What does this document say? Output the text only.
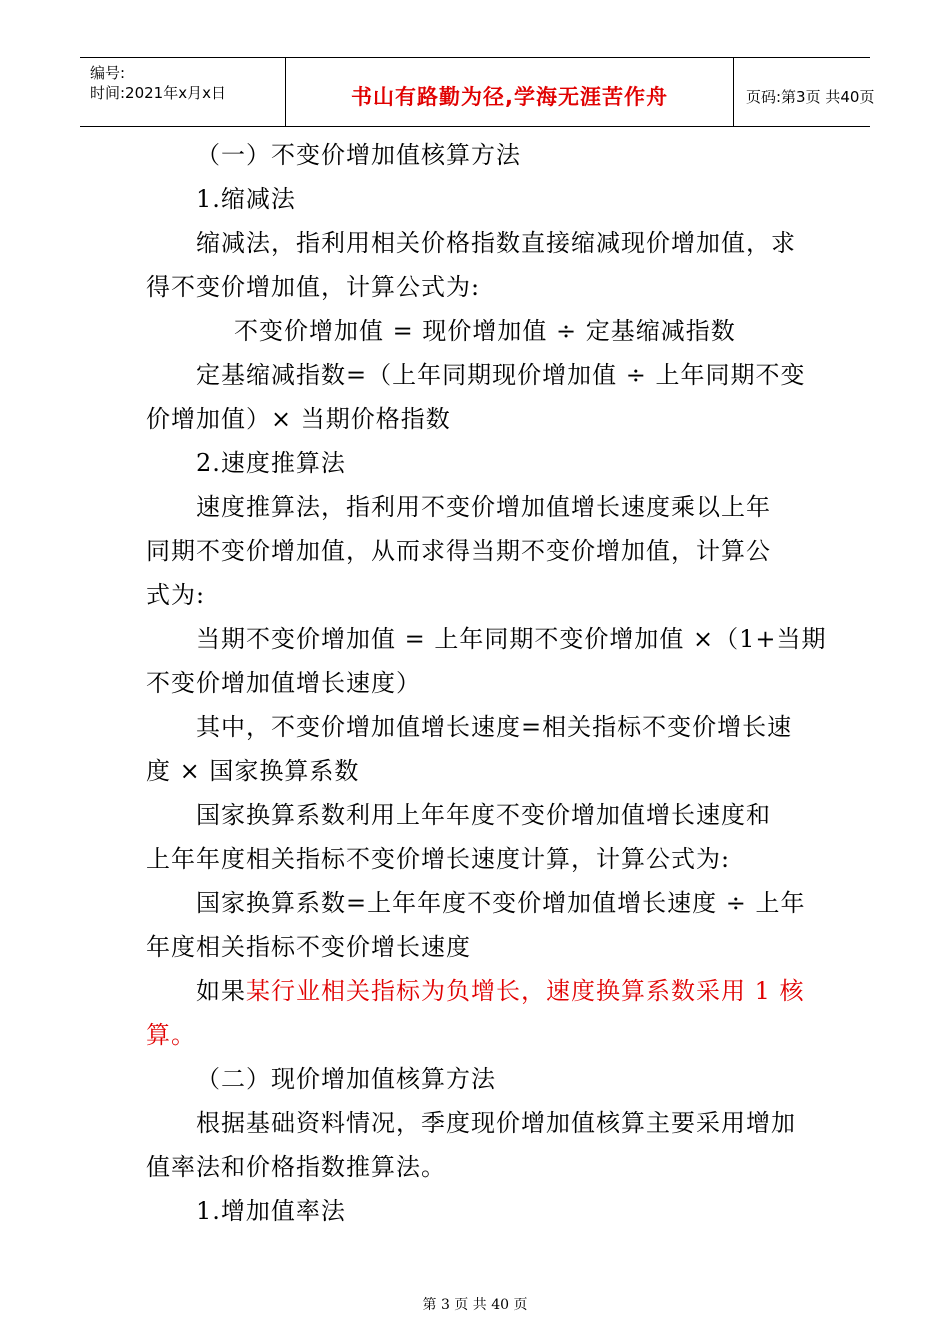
编号:
时间:2021年x月x日	书山有路勤为径,学海无涯苦作舟	页码:第3页 共40页
（一）不变价增加值核算方法
1.缩减法
缩减法，指利用相关价格指数直接缩减现价增加值，求
得不变价增加值，计算公式为:
不变价增加值 = 现价增加值 ÷ 定基缩减指数
定基缩减指数=（上年同期现价增加值 ÷ 上年同期不变
价增加值）× 当期价格指数
2.速度推算法
速度推算法，指利用不变价增加值增长速度乘以上年
同期不变价增加值，从而求得当期不变价增加值，计算公
式为:
当期不变价增加值 = 上年同期不变价增加值 ×（1+当期
不变价增加值增长速度）
其中，不变价增加值增长速度=相关指标不变价增长速
度 × 国家换算系数
国家换算系数利用上年年度不变价增加值增长速度和
上年年度相关指标不变价增长速度计算，计算公式为:
国家换算系数=上年年度不变价增加值增长速度 ÷ 上年
年度相关指标不变价增长速度
如果某行业相关指标为负增长，速度换算系数采用 1 核
算。
（二）现价增加值核算方法
根据基础资料情况，季度现价增加值核算主要采用增加
值率法和价格指数推算法。
1.增加值率法
第 3 页 共 40 页
